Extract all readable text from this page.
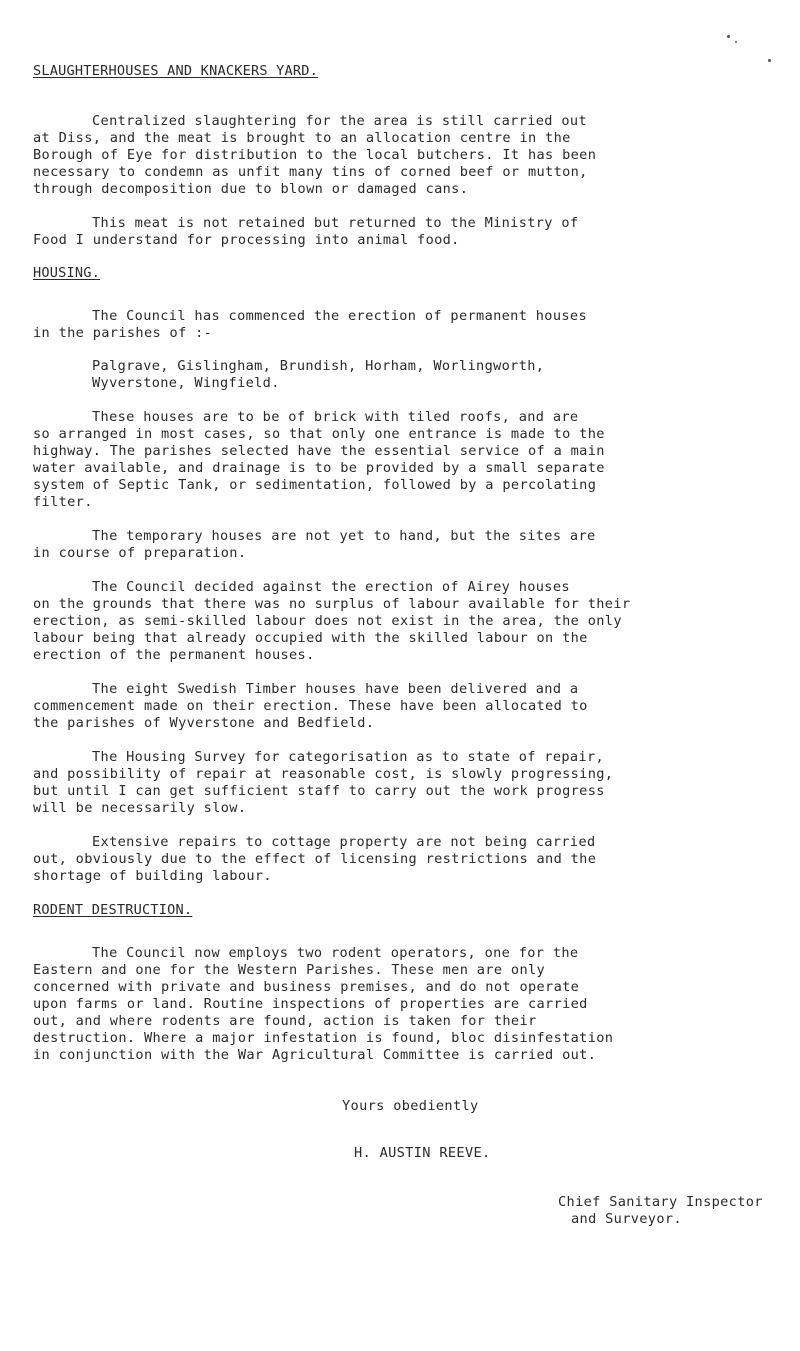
SLAUGHTERHOUSES AND KNACKERS YARD.
Centralized slaughtering for the area is still carried out
at Diss, and the meat is brought to an allocation centre in the
Borough of Eye for distribution to the local butchers. It has been
necessary to condemn as unfit many tins of corned beef or mutton,
through decomposition due to blown or damaged cans.
This meat is not retained but returned to the Ministry of
Food I understand for processing into animal food.
HOUSING.
The Council has commenced the erection of permanent houses
in the parishes of :-
Palgrave, Gislingham, Brundish, Horham, Worlingworth,
Wyverstone, Wingfield.
These houses are to be of brick with tiled roofs, and are
so arranged in most cases, so that only one entrance is made to the
highway. The parishes selected have the essential service of a main
water available, and drainage is to be provided by a small separate
system of Septic Tank, or sedimentation, followed by a percolating
filter.
The temporary houses are not yet to hand, but the sites are
in course of preparation.
The Council decided against the erection of Airey houses
on the grounds that there was no surplus of labour available for their
erection, as semi-skilled labour does not exist in the area, the only
labour being that already occupied with the skilled labour on the
erection of the permanent houses.
The eight Swedish Timber houses have been delivered and a
commencement made on their erection. These have been allocated to
the parishes of Wyverstone and Bedfield.
The Housing Survey for categorisation as to state of repair,
and possibility of repair at reasonable cost, is slowly progressing,
but until I can get sufficient staff to carry out the work progress
will be necessarily slow.
Extensive repairs to cottage property are not being carried
out, obviously due to the effect of licensing restrictions and the
shortage of building labour.
RODENT DESTRUCTION.
The Council now employs two rodent operators, one for the
Eastern and one for the Western Parishes. These men are only
concerned with private and business premises, and do not operate
upon farms or land. Routine inspections of properties are carried
out, and where rodents are found, action is taken for their
destruction. Where a major infestation is found, bloc disinfestation
in conjunction with the War Agricultural Committee is carried out.
Yours obediently
H. AUSTIN REEVE.
Chief Sanitary Inspector
and Surveyor.
